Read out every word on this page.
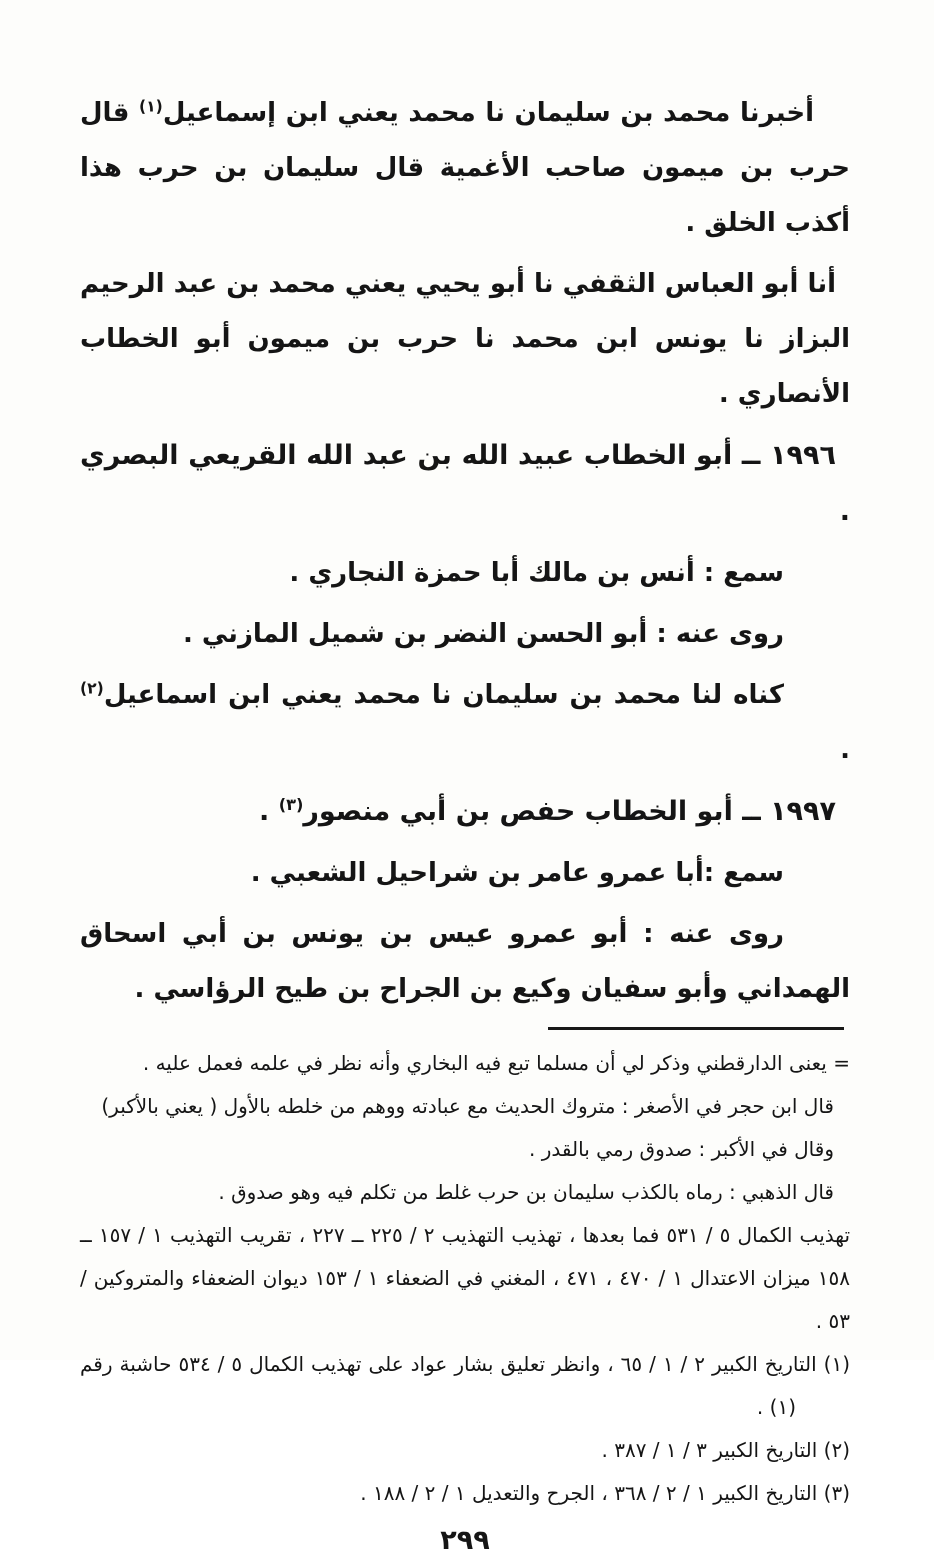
أخبرنا محمد بن سليمان نا محمد يعني ابن إسماعيل$^{(١)}$ قال حرب بن ميمون صاحب الأغمية قال سليمان بن حرب هذا أكذب الخلق .

أنا أبو العباس الثقفي نا أبو يحيي يعني محمد بن عبد الرحيم البزاز نا يونس ابن محمد نا حرب بن ميمون أبو الخطاب الأنصاري .

١٩٩٦ ــ أبو الخطاب عبيد الله بن عبد الله القريعي البصري .

سمع : أنس بن مالك أبا حمزة النجاري .

روى عنه : أبو الحسن النضر بن شميل المازني .

كناه لنا محمد بن سليمان نا محمد يعني ابن اسماعيل$^{(٢)}$ .

١٩٩٧ ــ أبو الخطاب حفص بن أبي منصور$^{(٣)}$ .

سمع :أبا عمرو عامر بن شراحيل الشعبي .

روى عنه : أبو عمرو عيس بن يونس بن أبي اسحاق الهمداني وأبو سفيان وكيع بن الجراح بن طيح الرؤاسي .

= يعنى الدارقطني وذكر لي أن مسلما تبع فيه البخاري وأنه نظر في علمه فعمل عليه .

قال ابن حجر في الأصغر : متروك الحديث مع عبادته ووهم من خلطه بالأول ( يعني بالأكبر)

وقال في الأكبر : صدوق رمي بالقدر .

قال الذهبي : رماه بالكذب سليمان بن حرب غلط من تكلم فيه وهو صدوق .

تهذيب الكمال ٥ / ٥٣١ فما بعدها ، تهذيب التهذيب ٢ / ٢٢٥ ــ ٢٢٧ ، تقريب التهذيب ١ / ١٥٧ ــ ١٥٨ ميزان الاعتدال ١ / ٤٧٠ ، ٤٧١ ، المغني في الضعفاء ١ / ١٥٣ ديوان الضعفاء والمتروكين / ٥٣ .

(١) التاريخ الكبير ٢ / ١ / ٦٥ ، وانظر تعليق بشار عواد على تهذيب الكمال ٥ / ٥٣٤ حاشبة رقم (١) .

(٢) التاريخ الكبير ٣ / ١ / ٣٨٧ .

(٣) التاريخ الكبير ١ / ٢ / ٣٦٨ ، الجرح والتعديل ١ / ٢ / ١٨٨ .

٢٩٩
